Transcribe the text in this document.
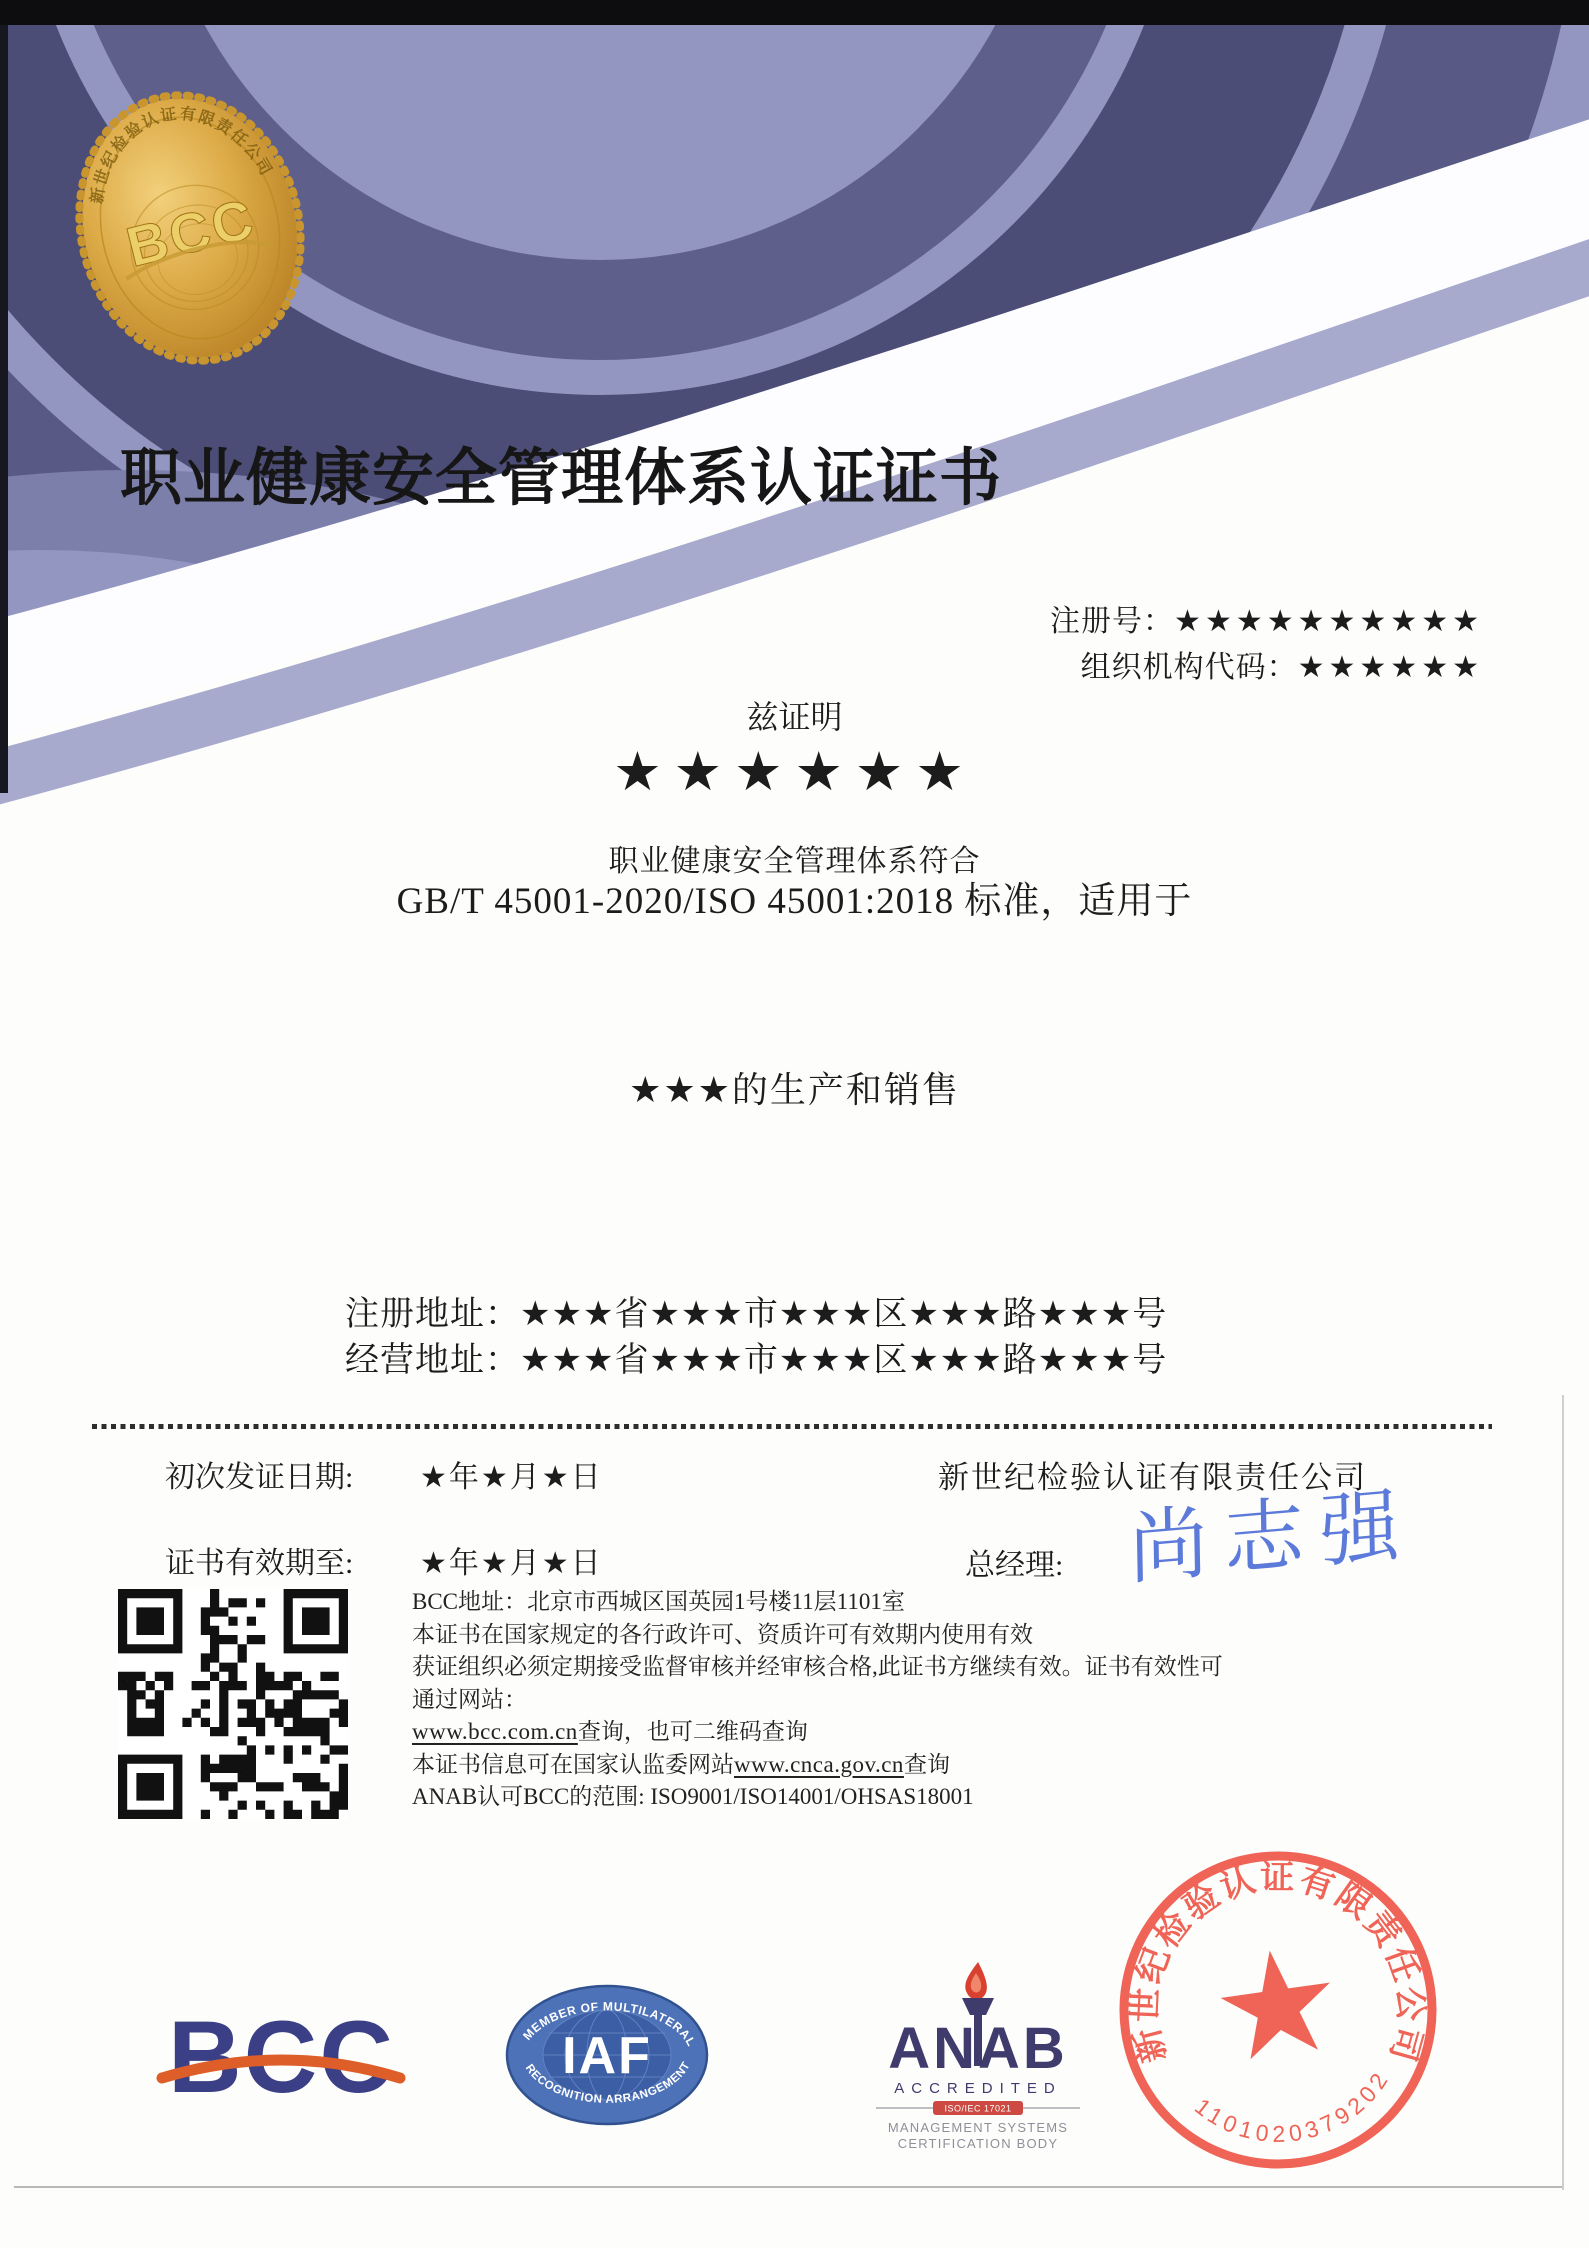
新世纪检验认证有限责任公司
BCC
职业健康安全管理体系认证证书
注册号：★★★★★★★★★★
组织机构代码：★★★★★★
兹证明
★★★★★★
职业健康安全管理体系符合
GB/T 45001-2020/ISO 45001:2018 标准，适用于
★★★的生产和销售
注册地址：★★★省★★★市★★★区★★★路★★★号
经营地址：★★★省★★★市★★★区★★★路★★★号
初次发证日期: ★年★月★日	新世纪检验认证有限责任公司
证书有效期至: ★年★月★日	总经理: 尚志强
BCC地址：北京市西城区国英园1号楼11层1101室
本证书在国家规定的各行政许可、资质许可有效期内使用有效
获证组织必须定期接受监督审核并经审核合格,此证书方继续有效。证书有效性可通过网站：
www.bcc.com.cn查询，也可二维码查询
本证书信息可在国家认监委网站www.cnca.gov.cn查询
ANAB认可BCC的范围: ISO9001/ISO14001/OHSAS18001
BCC	MEMBER OF MULTILATERAL
RECOGNITION ARRANGEMENT
IAF	ANAB
ACCREDITED
ISO/IEC 17021
MANAGEMENT SYSTEMS
CERTIFICATION BODY
新世纪检验认证有限责任公司
1101020379202
